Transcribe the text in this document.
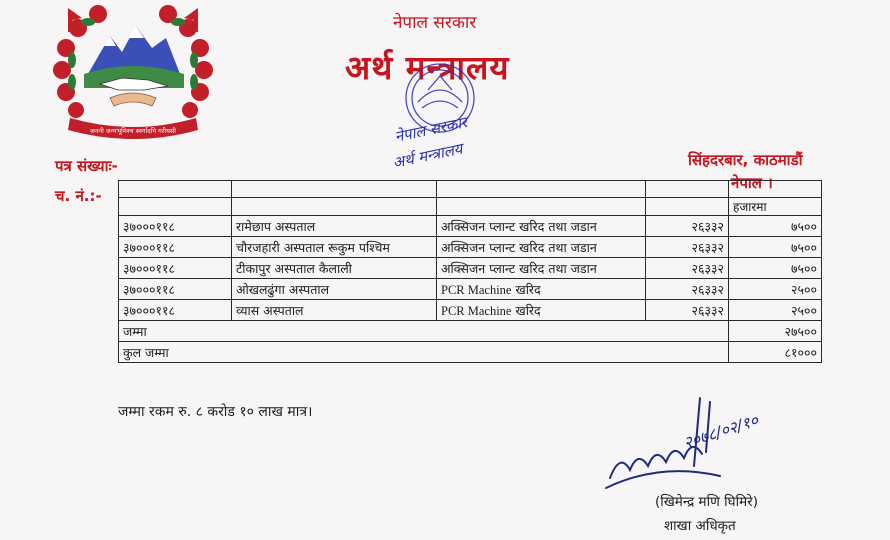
जननी जन्मभूमिश्च स्वर्गादपि गरीयसी
नेपाल सरकार
अर्थ मन्त्रालय
नेपाल सरकार
अर्थ मन्त्रालय
पत्र संख्याः-
च. नं.:-
सिंहदरबार, काठमाडौं
नेपाल ।

				हजारमा
३७०००११८	रामेछाप अस्पताल	अक्सिजन प्लान्ट खरिद तथा जडान	२६३३२	७५००
३७०००११८	चौरजहारी अस्पताल रूकुम पश्चिम	अक्सिजन प्लान्ट खरिद तथा जडान	२६३३२	७५००
३७०००११८	टीकापुर अस्पताल कैलाली	अक्सिजन प्लान्ट खरिद तथा जडान	२६३३२	७५००
३७०००११८	ओखलढुंगा अस्पताल	PCR Machine खरिद	२६३३२	२५००
३७०००११८	व्यास अस्पताल	PCR Machine खरिद	२६३३२	२५००
जम्मा				२७५००
कुल जम्मा				८१०००
जम्मा रकम रु. ८ करोड १० लाख मात्र।	२०७८/०२/१०
(खिमेन्द्र मणि घिमिरे)
शाखा अधिकृत
